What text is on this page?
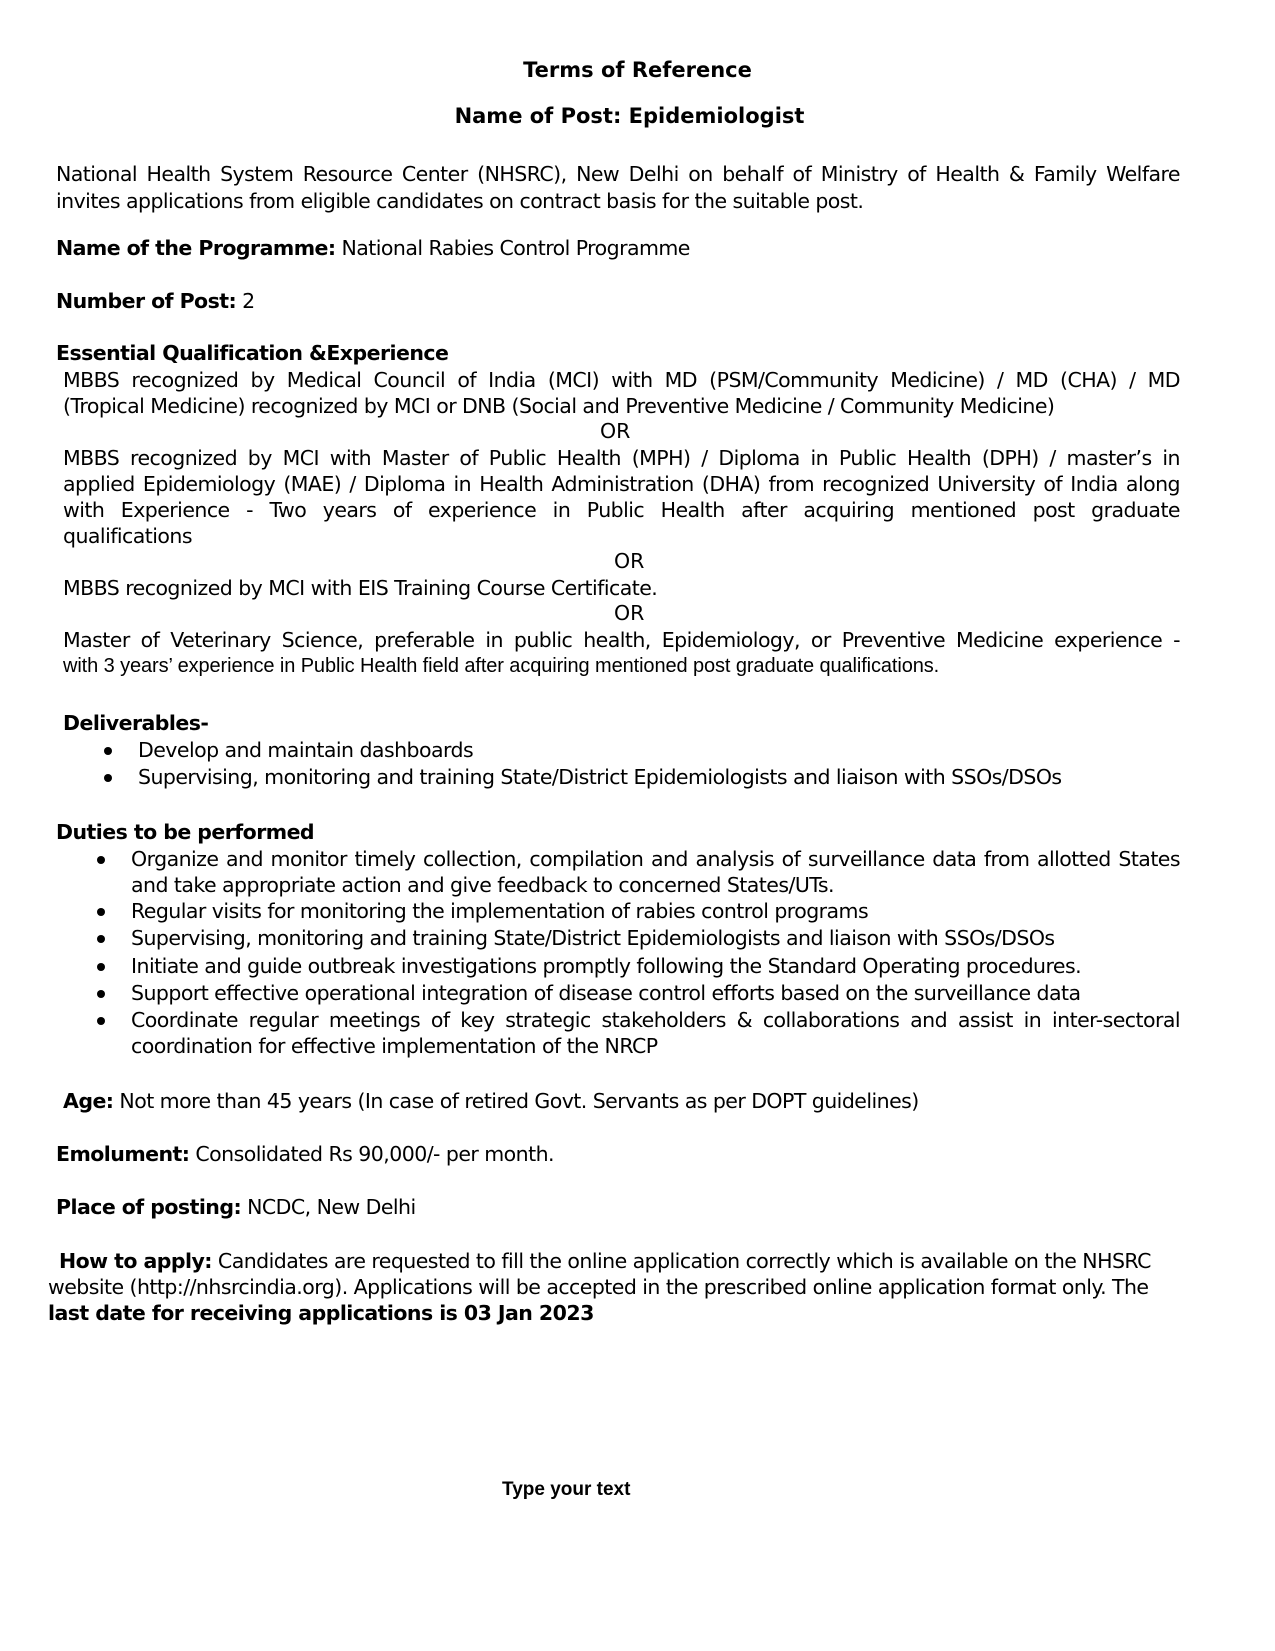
Terms of Reference
Name of Post: Epidemiologist
National Health System Resource Center (NHSRC), New Delhi on behalf of Ministry of Health & Family Welfare
invites applications from eligible candidates on contract basis for the suitable post.
Name of the Programme: National Rabies Control Programme
Number of Post: 2
Essential Qualification &Experience
MBBS recognized by Medical Council of India (MCI) with MD (PSM/Community Medicine) / MD (CHA) / MD
(Tropical Medicine) recognized by MCI or DNB (Social and Preventive Medicine / Community Medicine)
OR
MBBS recognized by MCI with Master of Public Health (MPH) / Diploma in Public Health (DPH) / master’s in
applied Epidemiology (MAE) / Diploma in Health Administration (DHA) from recognized University of India along
with Experience - Two years of experience in Public Health after acquiring mentioned post graduate
qualifications
OR
MBBS recognized by MCI with EIS Training Course Certificate.
OR
Master of Veterinary Science, preferable in public health, Epidemiology, or Preventive Medicine experience -
with 3 years’ experience in Public Health field after acquiring mentioned post graduate qualifications.
Deliverables-
Develop and maintain dashboards
Supervising, monitoring and training State/District Epidemiologists and liaison with SSOs/DSOs
Duties to be performed
Organize and monitor timely collection, compilation and analysis of surveillance data from allotted States
and take appropriate action and give feedback to concerned States/UTs.
Regular visits for monitoring the implementation of rabies control programs
Supervising, monitoring and training State/District Epidemiologists and liaison with SSOs/DSOs
Initiate and guide outbreak investigations promptly following the Standard Operating procedures.
Support effective operational integration of disease control efforts based on the surveillance data
Coordinate regular meetings of key strategic stakeholders & collaborations and assist in inter-sectoral
coordination for effective implementation of the NRCP
Age: Not more than 45 years (In case of retired Govt. Servants as per DOPT guidelines)
Emolument: Consolidated Rs 90,000/- per month.
Place of posting: NCDC, New Delhi
How to apply: Candidates are requested to fill the online application correctly which is available on the NHSRC
website (http://nhsrcindia.org). Applications will be accepted in the prescribed online application format only. The
last date for receiving applications is 03 Jan 2023
Type your text
